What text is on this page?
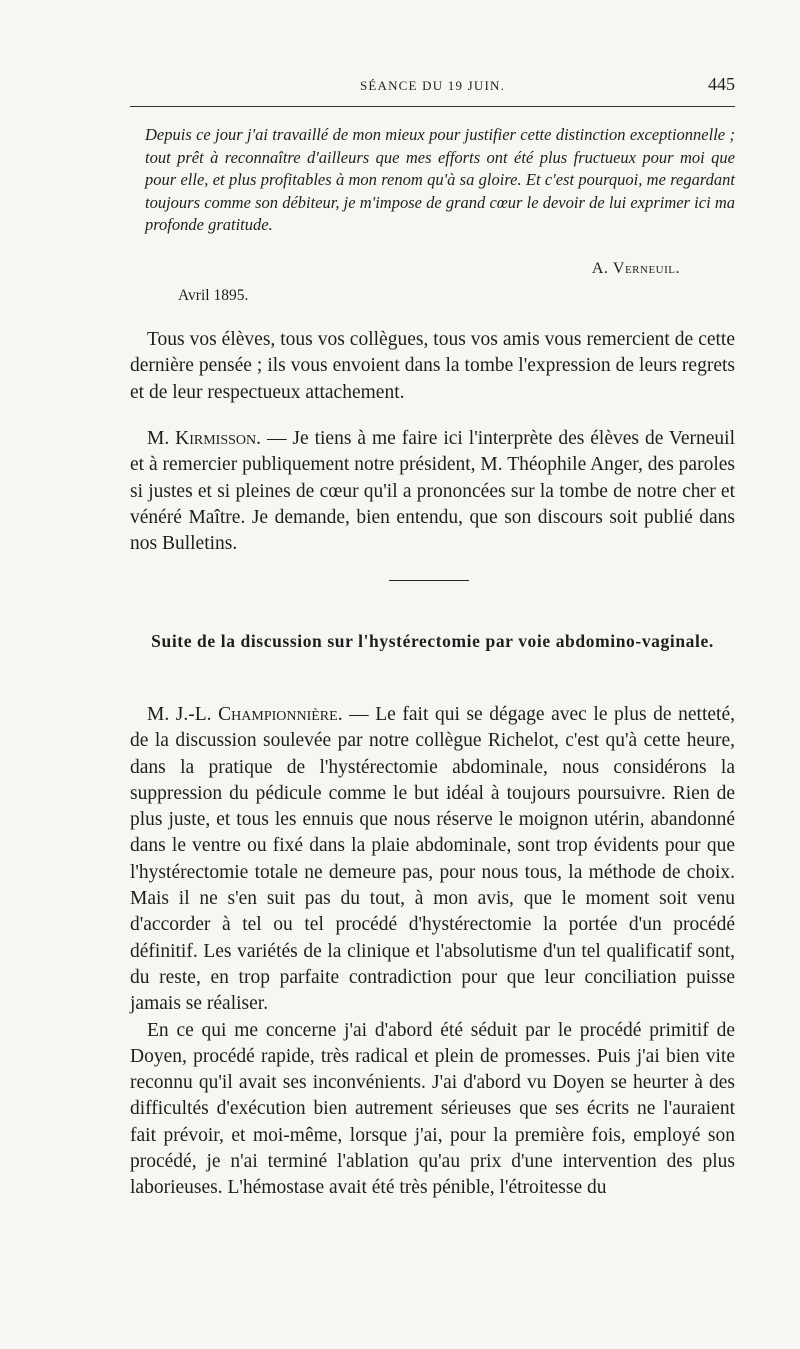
SÉANCE DU 19 JUIN.	445
Depuis ce jour j'ai travaillé de mon mieux pour justifier cette distinction exceptionnelle ; tout prêt à reconnaître d'ailleurs que mes efforts ont été plus fructueux pour moi que pour elle, et plus profitables à mon renom qu'à sa gloire. Et c'est pourquoi, me regardant toujours comme son débiteur, je m'impose de grand cœur le devoir de lui exprimer ici ma profonde gratitude.
A. Verneuil.
Avril 1895.

Tous vos élèves, tous vos collègues, tous vos amis vous remercient de cette dernière pensée ; ils vous envoient dans la tombe l'expression de leurs regrets et de leur respectueux attachement.

M. Kirmisson. — Je tiens à me faire ici l'interprète des élèves de Verneuil et à remercier publiquement notre président, M. Théophile Anger, des paroles si justes et si pleines de cœur qu'il a prononcées sur la tombe de notre cher et vénéré Maître. Je demande, bien entendu, que son discours soit publié dans nos Bulletins.

Suite de la discussion sur l'hystérectomie par voie abdomino-vaginale.

M. J.-L. Championnière. — Le fait qui se dégage avec le plus de netteté, de la discussion soulevée par notre collègue Richelot, c'est qu'à cette heure, dans la pratique de l'hystérectomie abdominale, nous considérons la suppression du pédicule comme le but idéal à toujours poursuivre. Rien de plus juste, et tous les ennuis que nous réserve le moignon utérin, abandonné dans le ventre ou fixé dans la plaie abdominale, sont trop évidents pour que l'hystérectomie totale ne demeure pas, pour nous tous, la méthode de choix. Mais il ne s'en suit pas du tout, à mon avis, que le moment soit venu d'accorder à tel ou tel procédé d'hystérectomie la portée d'un procédé définitif. Les variétés de la clinique et l'absolutisme d'un tel qualificatif sont, du reste, en trop parfaite contradiction pour que leur conciliation puisse jamais se réaliser.

En ce qui me concerne j'ai d'abord été séduit par le procédé primitif de Doyen, procédé rapide, très radical et plein de promesses. Puis j'ai bien vite reconnu qu'il avait ses inconvénients. J'ai d'abord vu Doyen se heurter à des difficultés d'exécution bien autrement sérieuses que ses écrits ne l'auraient fait prévoir, et moi-même, lorsque j'ai, pour la première fois, employé son procédé, je n'ai terminé l'ablation qu'au prix d'une intervention des plus laborieuses. L'hémostase avait été très pénible, l'étroitesse du
